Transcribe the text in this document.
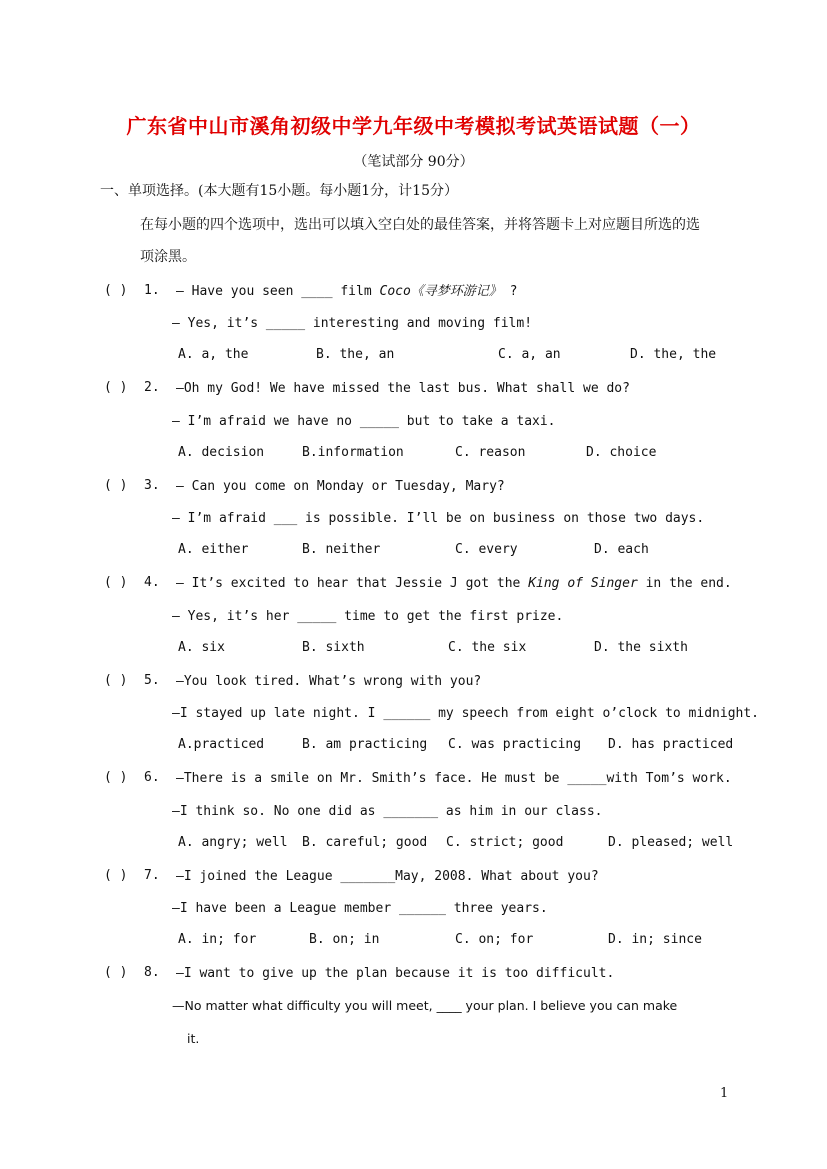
广东省中山市溪角初级中学九年级中考模拟考试英语试题（一）
（笔试部分 90分）
一、单项选择。(本大题有15小题。每小题1分，计15分）
在每小题的四个选项中，选出可以填入空白处的最佳答案，并将答题卡上对应题目所选的选
项涂黑。
( ) 1. — Have you seen ____ film Coco《寻梦环游记》 ?
— Yes, it’s _____ interesting and moving film!
A. a, the	B. the, an	C. a, an	D. the, the
( ) 2. —Oh my God! We have missed the last bus. What shall we do?
— I’m afraid we have no _____ but to take a taxi.
A. decision	B.information	C. reason	D. choice
( ) 3. — Can you come on Monday or Tuesday, Mary?
— I’m afraid ___ is possible. I’ll be on business on those two days.
A. either	B. neither	C. every	D. each
( ) 4. — It’s excited to hear that Jessie J got the King of Singer in the end.
— Yes, it’s her _____ time to get the first prize.
A. six	B. sixth	C. the six	D. the sixth
( ) 5. —You look tired. What’s wrong with you?
—I stayed up late night. I ______ my speech from eight o’clock to midnight.
A.practiced	B. am practicing C. was practicing D. has practiced
( ) 6. —There is a smile on Mr. Smith’s face. He must be _____with Tom’s work.
—I think so. No one did as _______ as him in our class.
A. angry; well B. careful; good C. strict; good	D. pleased; well
( ) 7. —I joined the League _______May, 2008. What about you?
—I have been a League member ______ three years.
A. in; for	B. on; in	C. on; for	D. in; since
( ) 8. —I want to give up the plan because it is too difficult.
—No matter what difficulty you will meet, ____ your plan. I believe you can make
it.
1
